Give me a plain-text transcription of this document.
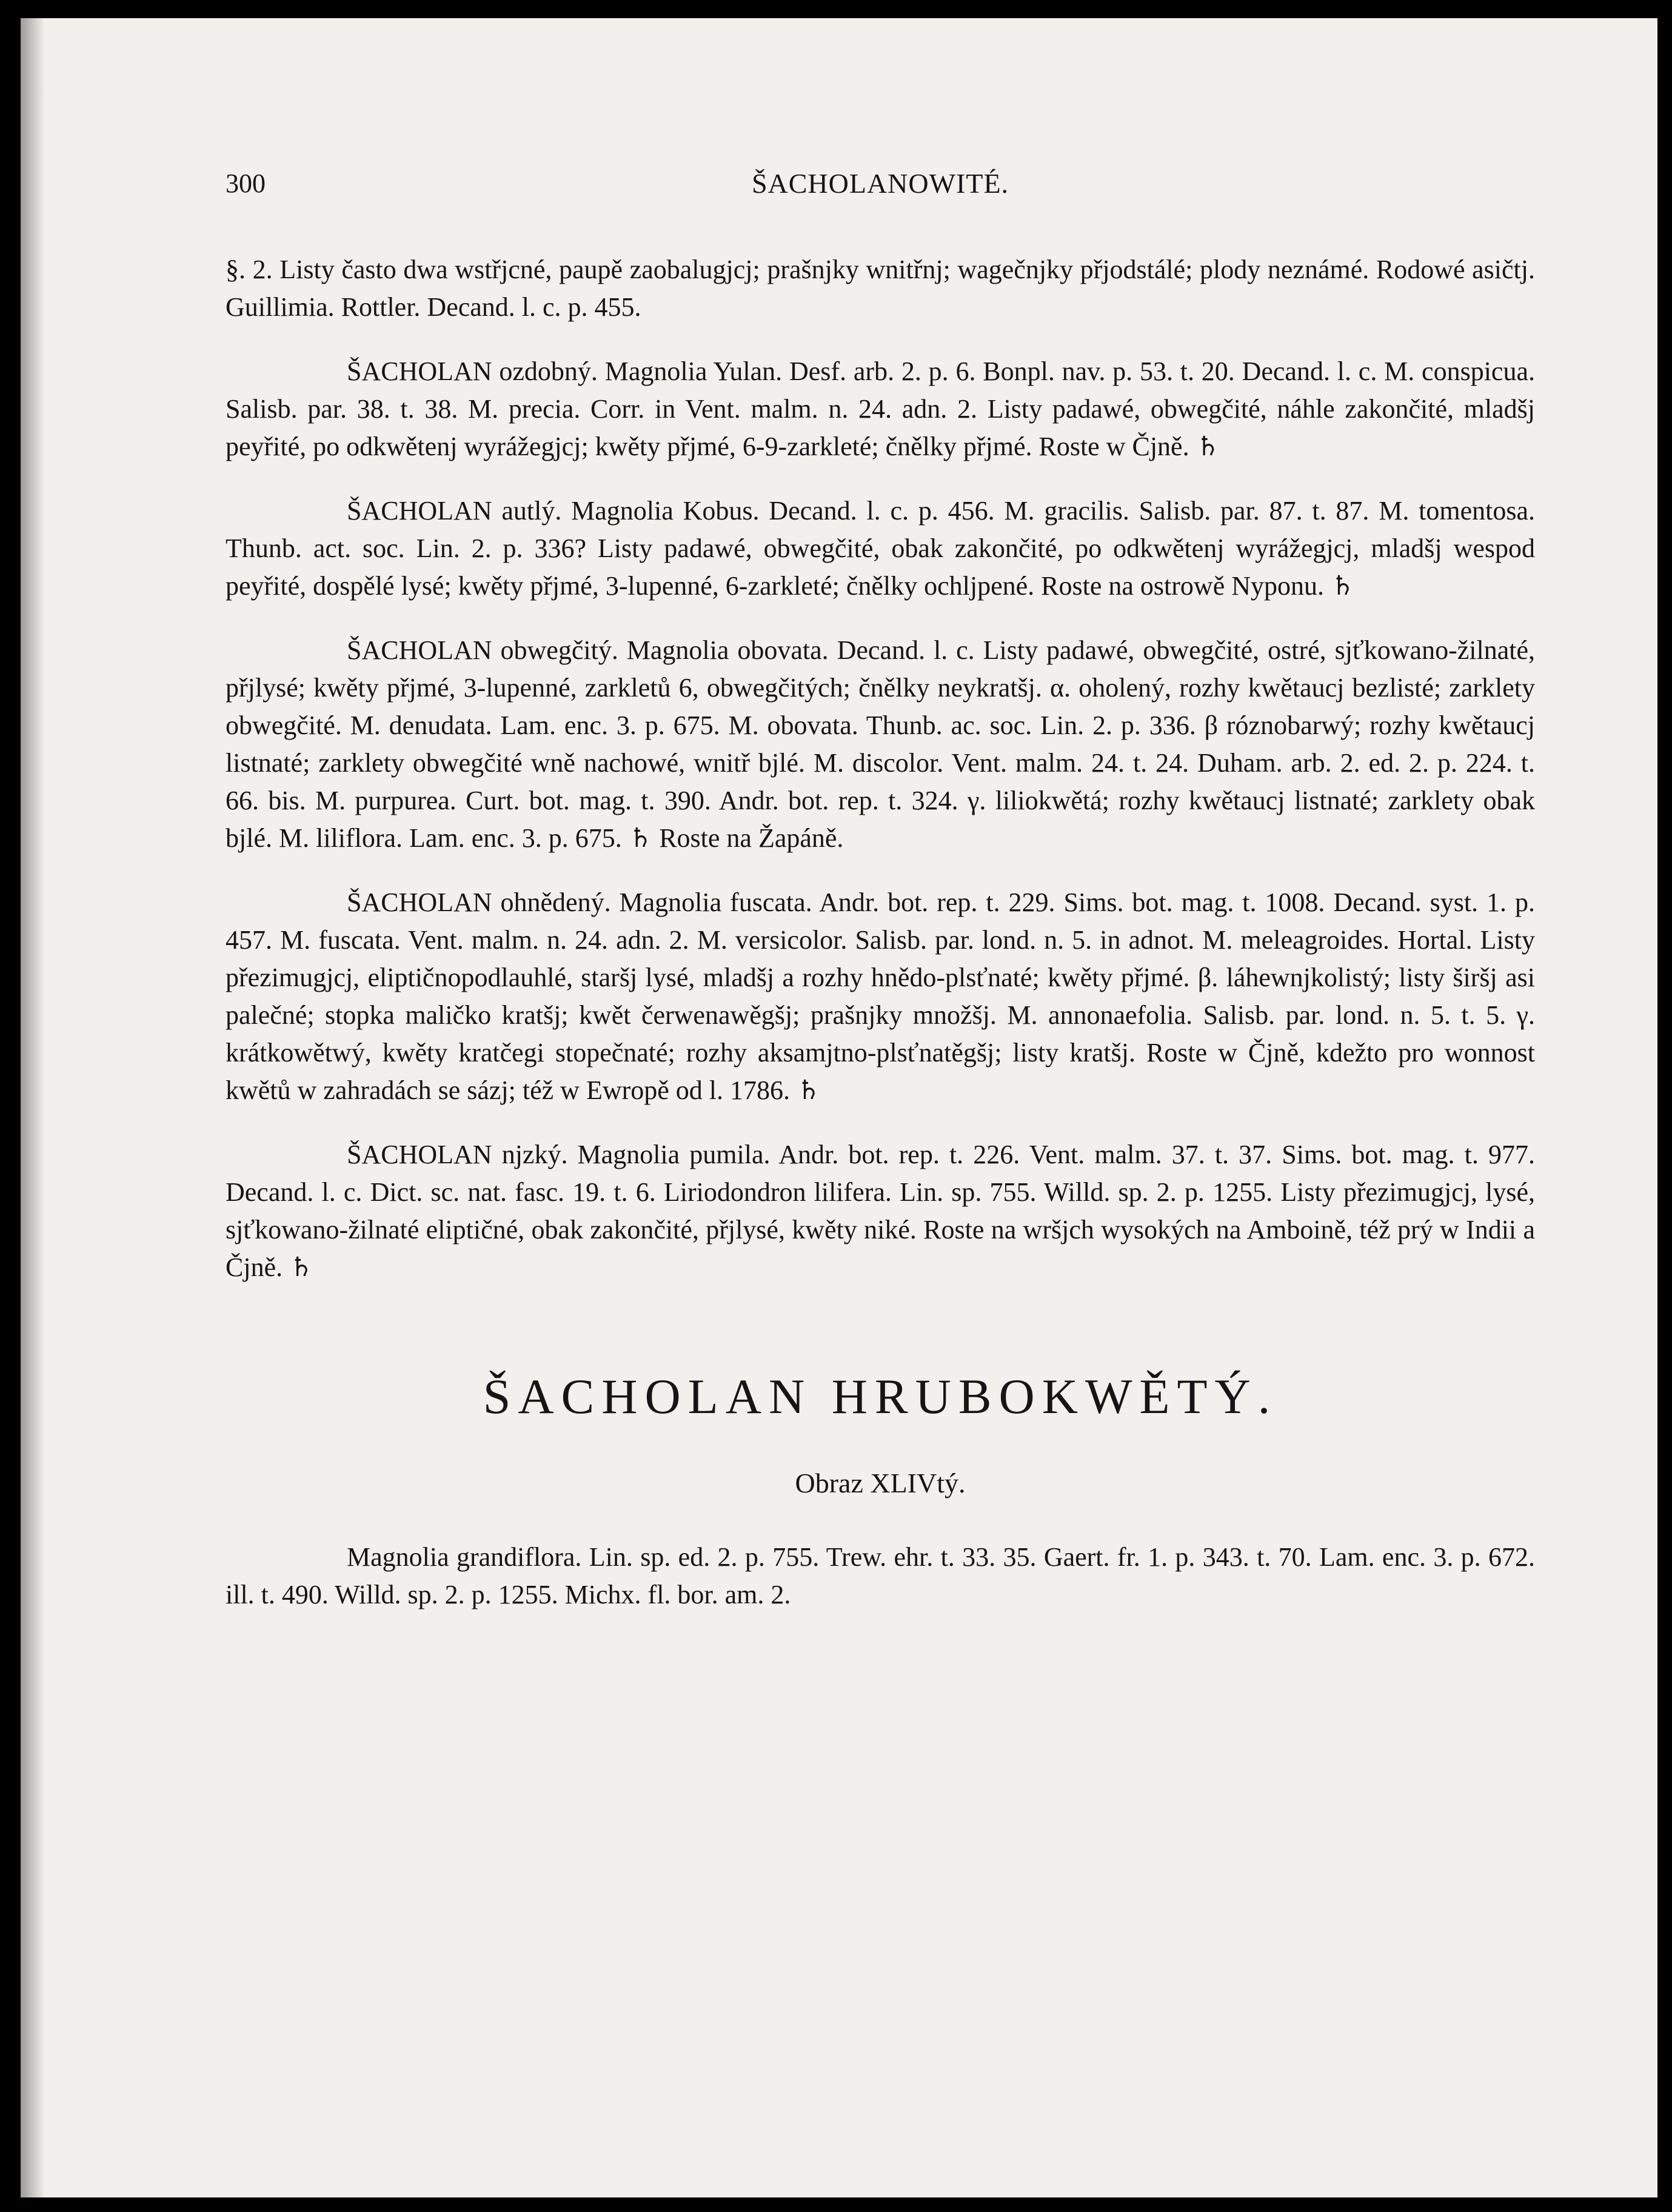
300	ŠACHOLANOWITÉ.

§. 2. Listy často dwa wstřjcné, paupě zaobalugjcj; prašnjky wnitřnj; wagečnjky přjodstálé; plody neznámé. Rodowé asičtj. Guillimia. Rottler. Decand. l. c. p. 455.

ŠACHOLAN ozdobný. Magnolia Yulan. Desf. arb. 2. p. 6. Bonpl. nav. p. 53. t. 20. Decand. l. c. M. conspicua. Salisb. par. 38. t. 38. M. precia. Corr. in Vent. malm. n. 24. adn. 2. Listy padawé, obwegčité, náhle zakončité, mladšj peyřité, po odkwětenj wyrážegjcj; kwěty přjmé, 6-9-zarkleté; čnělky přjmé. Roste w Čjně. ♄

ŠACHOLAN autlý. Magnolia Kobus. Decand. l. c. p. 456. M. gracilis. Salisb. par. 87. t. 87. M. tomentosa. Thunb. act. soc. Lin. 2. p. 336? Listy padawé, obwegčité, obak zakončité, po odkwětenj wyrážegjcj, mladšj wespod peyřité, dospělé lysé; kwěty přjmé, 3-lupenné, 6-zarkleté; čnělky ochljpené. Roste na ostrowě Nyponu. ♄

ŠACHOLAN obwegčitý. Magnolia obovata. Decand. l. c. Listy padawé, obwegčité, ostré, sjťkowano-žilnaté, přjlysé; kwěty přjmé, 3-lupenné, zarkletů 6, obwegčitých; čnělky neykratšj. α. oholený, rozhy kwětaucj bezlisté; zarklety obwegčité. M. denudata. Lam. enc. 3. p. 675. M. obovata. Thunb. ac. soc. Lin. 2. p. 336. β róznobarwý; rozhy kwětaucj listnaté; zarklety obwegčité wně nachowé, wnitř bjlé. M. discolor. Vent. malm. 24. t. 24. Duham. arb. 2. ed. 2. p. 224. t. 66. bis. M. purpurea. Curt. bot. mag. t. 390. Andr. bot. rep. t. 324. γ. liliokwětá; rozhy kwětaucj listnaté; zarklety obak bjlé. M. liliflora. Lam. enc. 3. p. 675. ♄ Roste na Žapáně.

ŠACHOLAN ohnědený. Magnolia fuscata. Andr. bot. rep. t. 229. Sims. bot. mag. t. 1008. Decand. syst. 1. p. 457. M. fuscata. Vent. malm. n. 24. adn. 2. M. versicolor. Salisb. par. lond. n. 5. in adnot. M. meleagroides. Hortal. Listy přezimugjcj, eliptičnopodlauhlé, staršj lysé, mladšj a rozhy hnědo-plsťnaté; kwěty přjmé. β. láhewnjkolistý; listy širšj asi palečné; stopka maličko kratšj; kwět čerwenawěgšj; prašnjky množšj. M. annonaefolia. Salisb. par. lond. n. 5. t. 5. γ. krátkowětwý, kwěty kratčegi stopečnaté; rozhy aksamjtno-plsťnatěgšj; listy kratšj. Roste w Čjně, kdežto pro wonnost kwětů w zahradách se sázj; též w Ewropě od l. 1786. ♄

ŠACHOLAN njzký. Magnolia pumila. Andr. bot. rep. t. 226. Vent. malm. 37. t. 37. Sims. bot. mag. t. 977. Decand. l. c. Dict. sc. nat. fasc. 19. t. 6. Liriodondron lilifera. Lin. sp. 755. Willd. sp. 2. p. 1255. Listy přezimugjcj, lysé, sjťkowano-žilnaté eliptičné, obak zakončité, přjlysé, kwěty niké. Roste na wršjch wysokých na Amboině, též prý w Indii a Čjně. ♄

ŠACHOLAN HRUBOKWĚTÝ.
Obraz XLIVtý.

Magnolia grandiflora. Lin. sp. ed. 2. p. 755. Trew. ehr. t. 33. 35. Gaert. fr. 1. p. 343. t. 70. Lam. enc. 3. p. 672. ill. t. 490. Willd. sp. 2. p. 1255. Michx. fl. bor. am. 2.
